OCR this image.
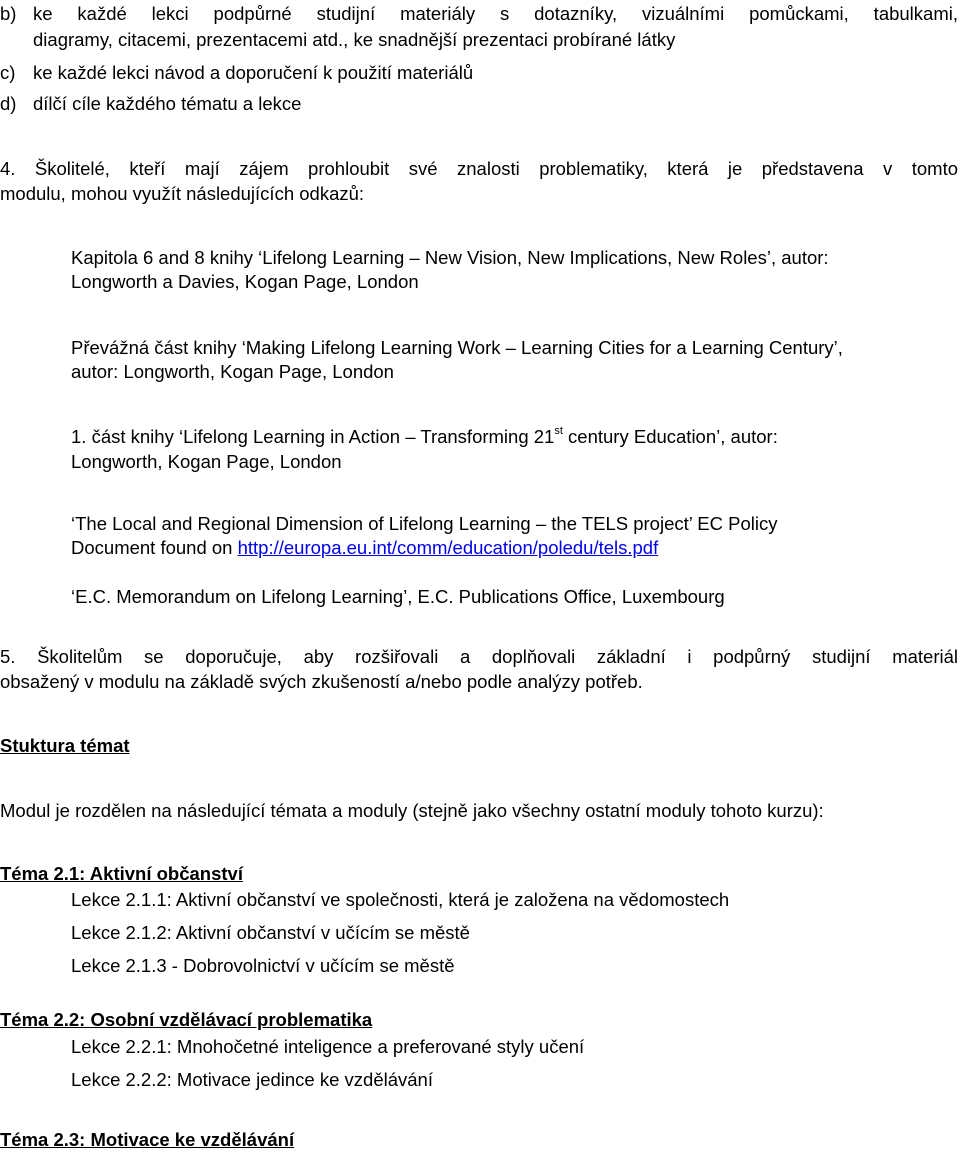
b) ke každé lekci podpůrné studijní materiály s dotazníky, vizuálními pomůckami, tabulkami,
diagramy, citacemi, prezentacemi atd., ke snadnější prezentaci probírané látky
c) ke každé lekci návod a doporučení k použití materiálů
d) dílčí cíle každého tématu a lekce
4. Školitelé, kteří mají zájem prohloubit své znalosti problematiky, která je představena v tomto
modulu, mohou využít následujících odkazů:
Kapitola 6 and 8 knihy ‘Lifelong Learning – New Vision, New Implications, New Roles’, autor:
Longworth a Davies, Kogan Page, London
Převážná část knihy ‘Making Lifelong Learning Work – Learning Cities for a Learning Century’,
autor: Longworth, Kogan Page, London
1. část knihy ‘Lifelong Learning in Action – Transforming 21st century Education’, autor:
Longworth, Kogan Page, London
‘The Local and Regional Dimension of Lifelong Learning – the TELS project’ EC Policy
Document found on http://europa.eu.int/comm/education/poledu/tels.pdf
‘E.C. Memorandum on Lifelong Learning’, E.C. Publications Office, Luxembourg
5. Školitelům se doporučuje, aby rozšiřovali a doplňovali základní i podpůrný studijní materiál
obsažený v modulu na základě svých zkušeností a/nebo podle analýzy potřeb.
Stuktura témat
Modul je rozdělen na následující témata a moduly (stejně jako všechny ostatní moduly tohoto kurzu):
Téma 2.1: Aktivní občanství
Lekce 2.1.1: Aktivní občanství ve společnosti, která je založena na vědomostech
Lekce 2.1.2: Aktivní občanství v učícím se městě
Lekce 2.1.3 - Dobrovolnictví v učícím se městě
Téma 2.2: Osobní vzdělávací problematika
Lekce 2.2.1: Mnohočetné inteligence a preferované styly učení
Lekce 2.2.2: Motivace jedince ke vzdělávání
Téma 2.3: Motivace ke vzdělávání
